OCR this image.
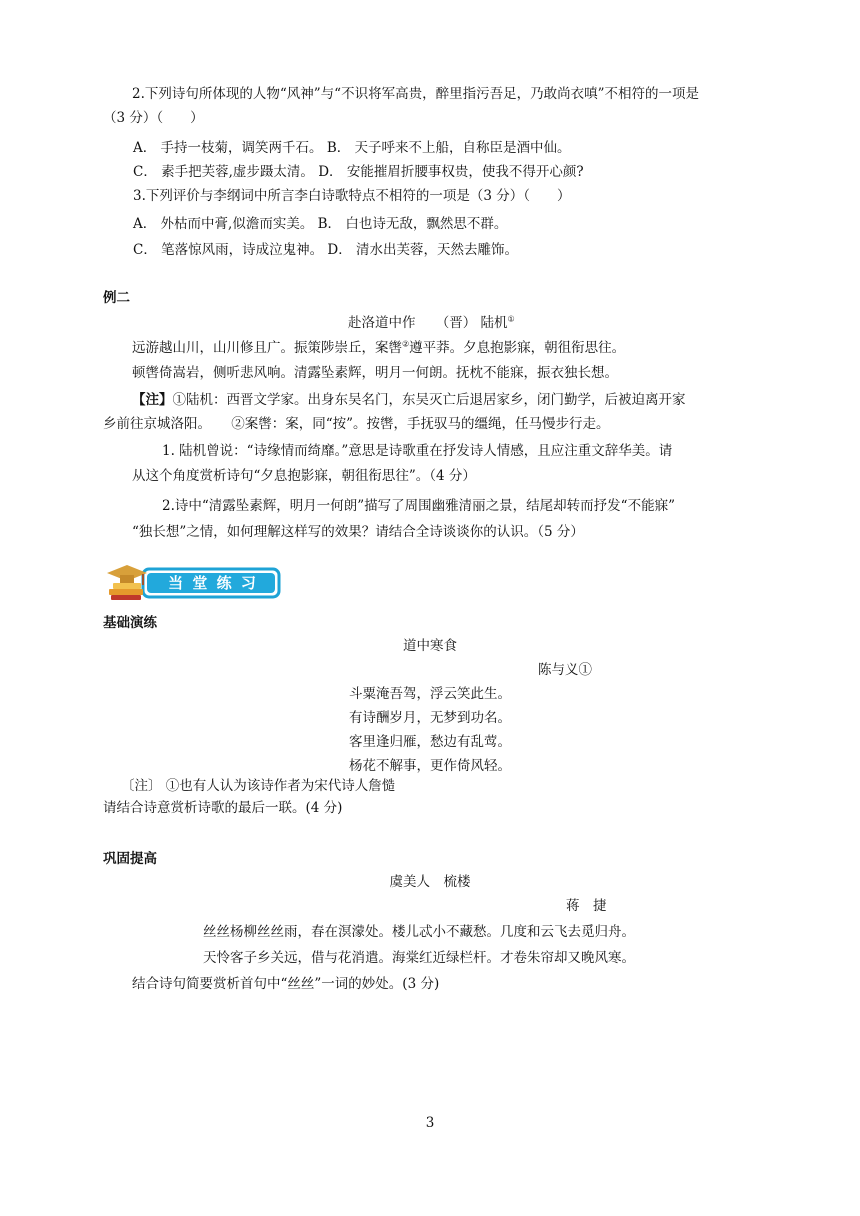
2.下列诗句所体现的人物“风神”与“不识将军高贵，醉里指污吾足，乃敢尚衣嗔”不相符的一项是
（3 分）（　　）
A． 手持一枝菊，调笑两千石。 B． 天子呼来不上船，自称臣是酒中仙。
C． 素手把芙蓉,虚步蹑太清。 D． 安能摧眉折腰事权贵，使我不得开心颜?
3.下列评价与李纲词中所言李白诗歌特点不相符的一项是（3 分）（　　）
A． 外枯而中膏,似澹而实美。 B． 白也诗无敌，飘然思不群。
C． 笔落惊风雨，诗成泣鬼神。 D． 清水出芙蓉，天然去雕饰。
例二
赴洛道中作　　（晋） 陆机①
远游越山川，山川修且广。振策陟崇丘，案辔②遵平莽。夕息抱影寐，朝徂衔思往。
顿辔倚嵩岩，侧听悲风响。清露坠素辉，明月一何朗。抚枕不能寐，振衣独长想。
【注】①陆机：西晋文学家。出身东吴名门，东吴灭亡后退居家乡，闭门勤学，后被迫离开家
乡前往京城洛阳。　　②案辔：案，同“按”。按辔，手抚驭马的缰绳，任马慢步行走。
1. 陆机曾说：“诗缘情而绮靡。”意思是诗歌重在抒发诗人情感，且应注重文辞华美。请
从这个角度赏析诗句“夕息抱影寐，朝徂衔思往”。（4 分）
2.诗中“清露坠素辉，明月一何朗”描写了周围幽雅清丽之景，结尾却转而抒发“不能寐”
“独长想”之情，如何理解这样写的效果？请结合全诗谈谈你的认识。（5 分）
当 堂 练 习
基础演练
道中寒食
陈与义①
斗粟淹吾驾，浮云笑此生。
有诗酬岁月，无梦到功名。
客里逢归雁，愁边有乱莺。
杨花不解事，更作倚风轻。
〔注〕 ①也有人认为该诗作者为宋代诗人詹慥
请结合诗意赏析诗歌的最后一联。(4 分)
巩固提高
虞美人　梳楼
蒋　捷
丝丝杨柳丝丝雨，春在溟濛处。楼儿忒小不藏愁。几度和云飞去觅归舟。
天怜客子乡关远，借与花消遣。海棠红近绿栏杆。才卷朱帘却又晚风寒。
结合诗句简要赏析首句中“丝丝”一词的妙处。(3 分)
3
